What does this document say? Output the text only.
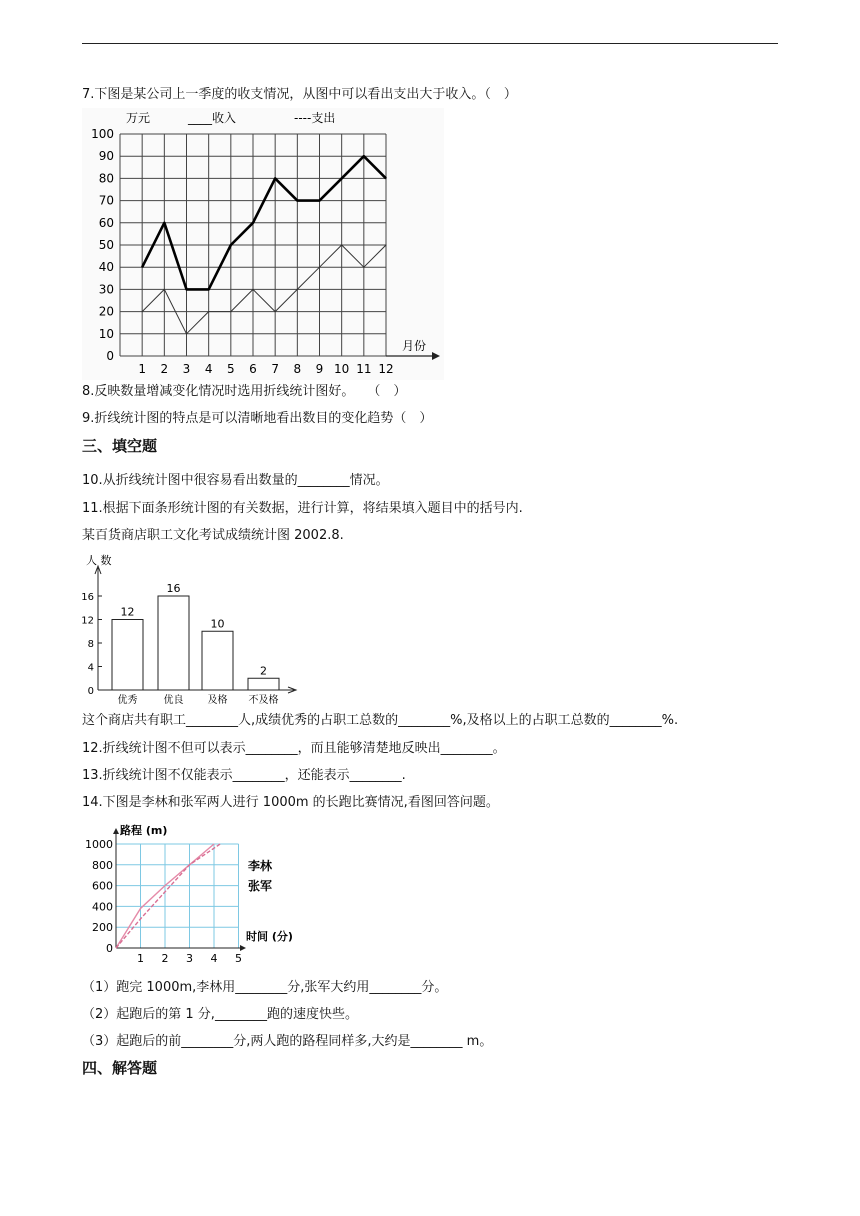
7.下图是某公司上一季度的收支情况，从图中可以看出支出大于收入。（　）
0
10
20
30
40
50
60
70
80
90
100
1 2 3 4 5 6 7 8 9 10 11 12
万元	____收入	----支出
月份
8.反映数量增减变化情况时选用折线统计图好。　　（　）
9.折线统计图的特点是可以清晰地看出数目的变化趋势（　）
三、填空题
10.从折线统计图中很容易看出数量的________情况。
11.根据下面条形统计图的有关数据，进行计算，将结果填入题目中的括号内.
某百货商店职工文化考试成绩统计图 2002.8.
0
4
8
12
16
12
优秀
16
优良
10
及格
2
不及格
人 数
这个商店共有职工________人,成绩优秀的占职工总数的________%,及格以上的占职工总数的________%.
12.折线统计图不但可以表示________，而且能够清楚地反映出________。
13.折线统计图不仅能表示________，还能表示________.
14.下图是李林和张军两人进行 1000m 的长跑比赛情况,看图回答问题。
0
200
400
600
800
1000
1 2 3 4 5
路程 (m)
时间 (分)
李林
张军
（1）跑完 1000m,李林用________分,张军大约用________分。
（2）起跑后的第 1 分,________跑的速度快些。
（3）起跑后的前________分,两人跑的路程同样多,大约是________ m。
四、解答题
